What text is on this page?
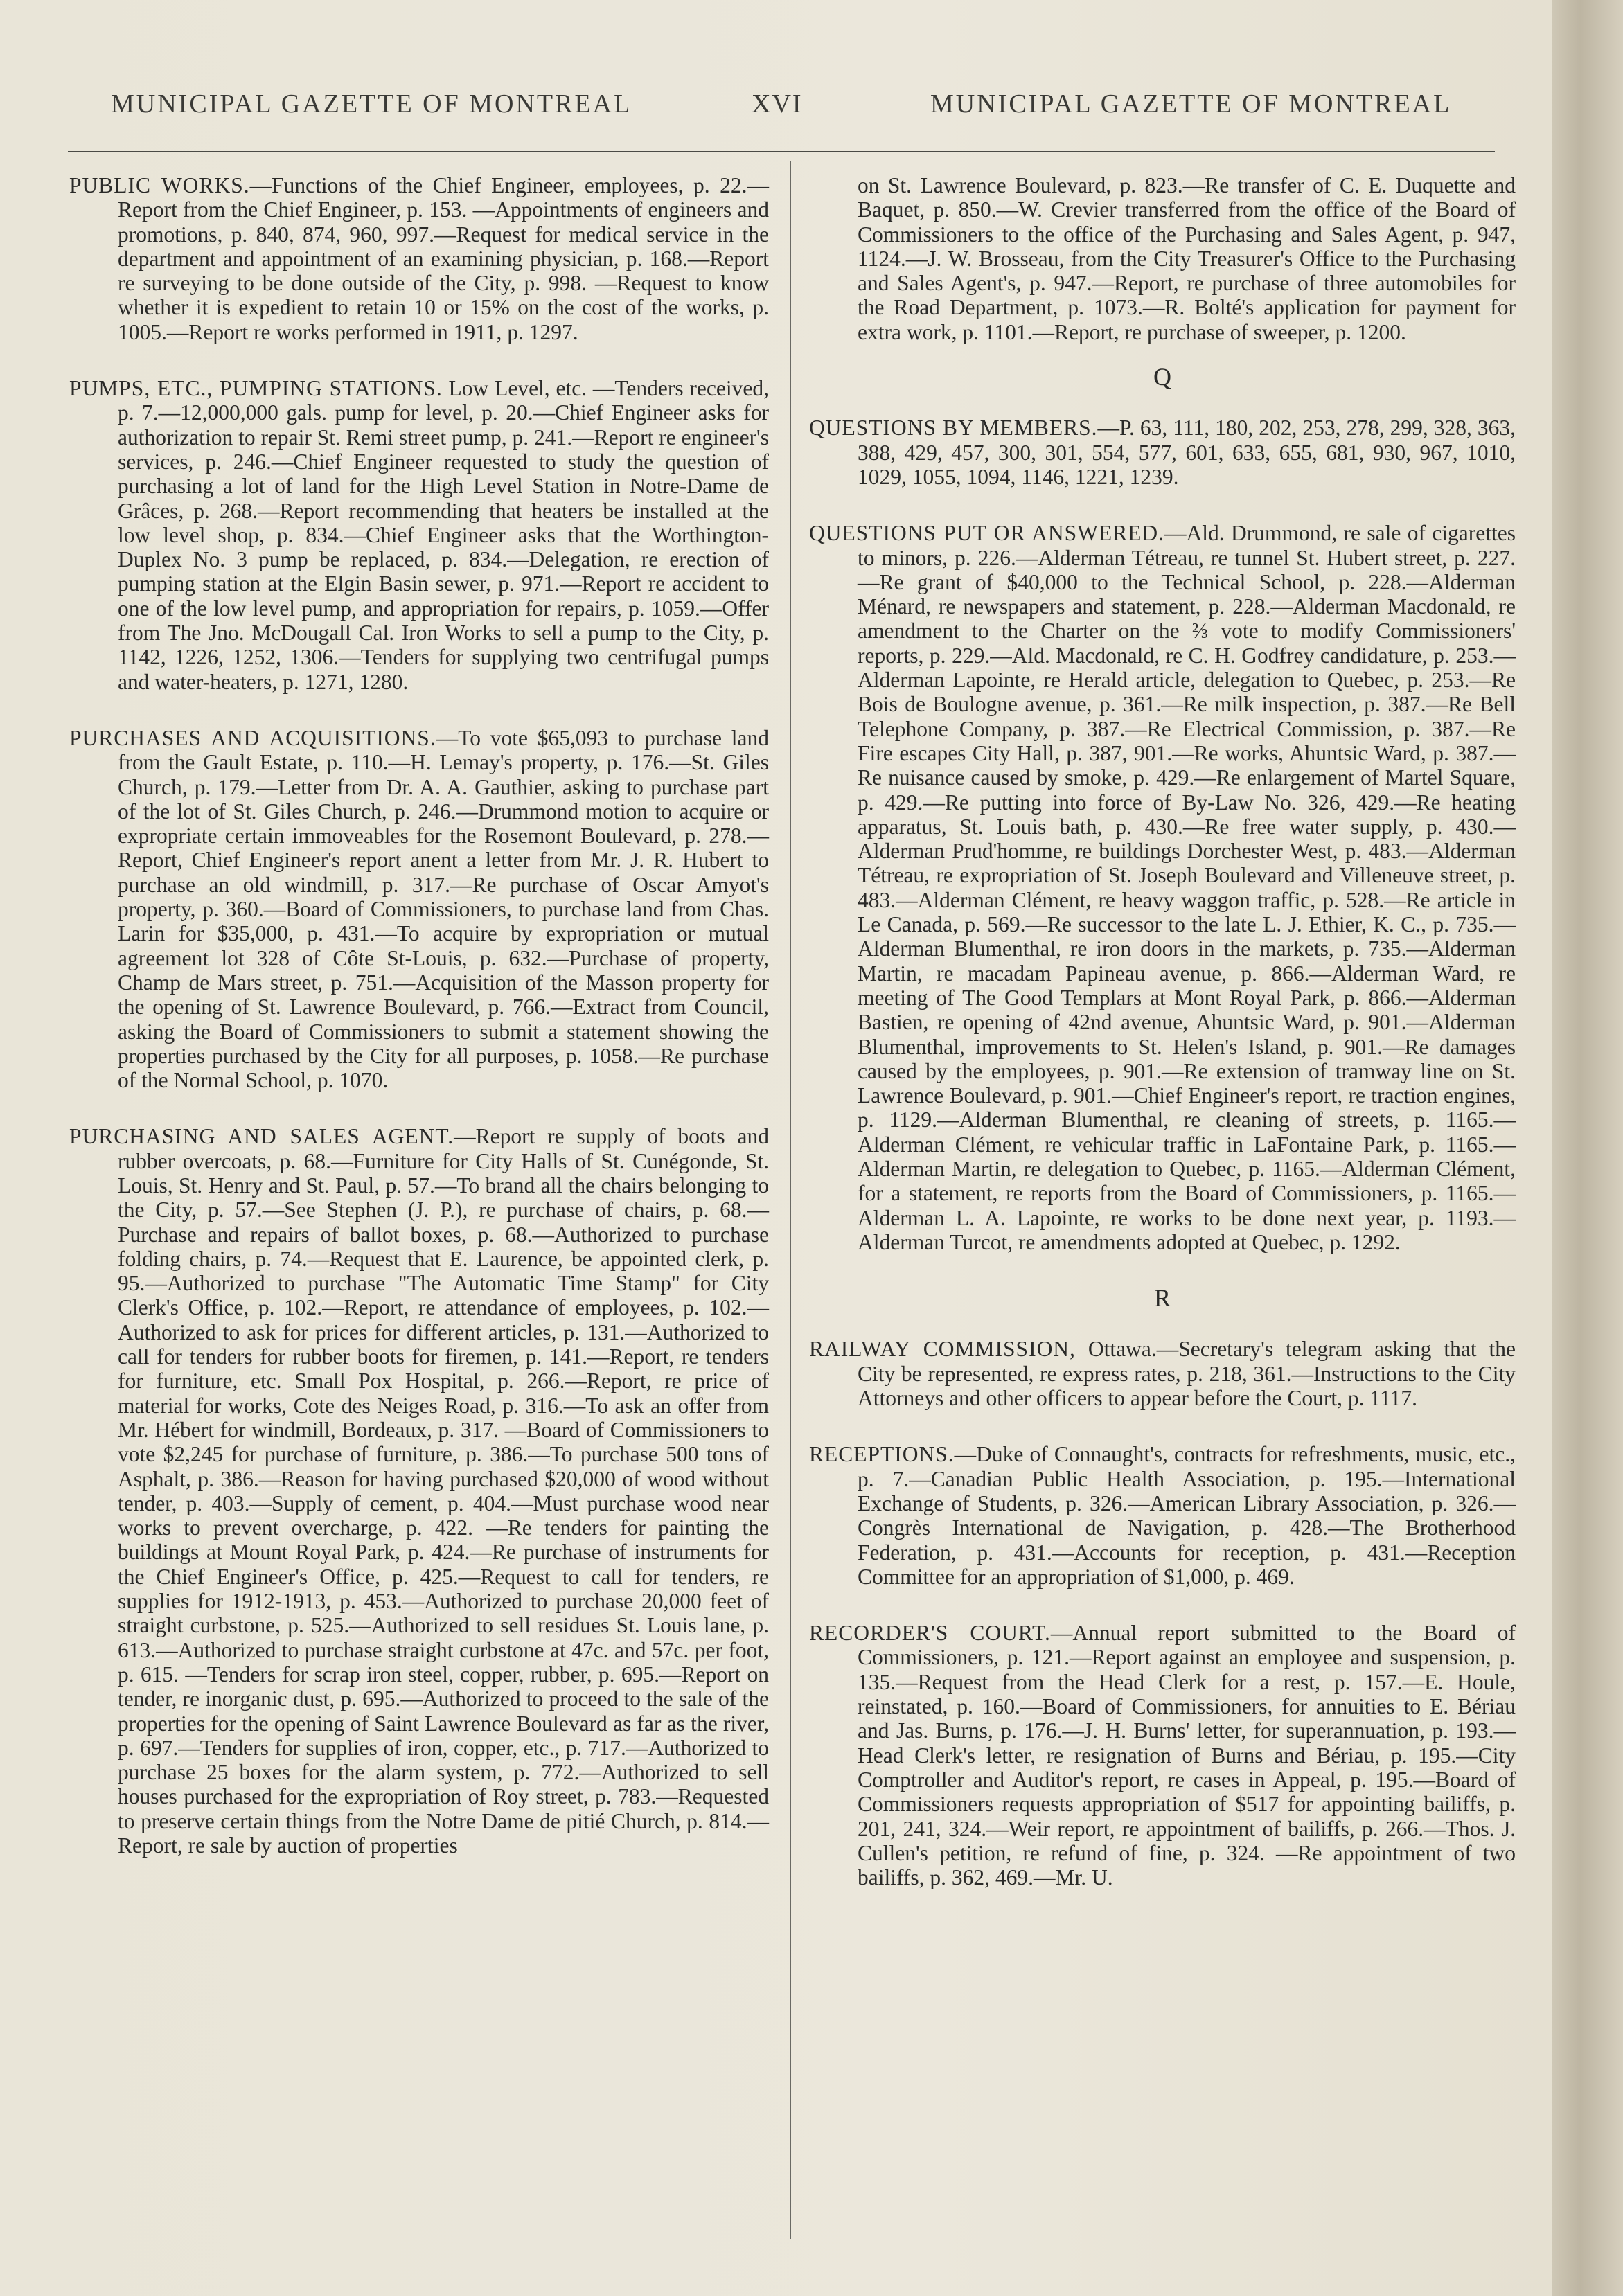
MUNICIPAL GAZETTE OF MONTREAL	XVI	MUNICIPAL GAZETTE OF MONTREAL

PUBLIC WORKS.—Functions of the Chief Engineer, employees, p. 22.—Report from the Chief Engineer, p. 153. —Appointments of engineers and promotions, p. 840, 874, 960, 997.—Request for medical service in the department and appointment of an examining physician, p. 168.—Report re surveying to be done outside of the City, p. 998. —Request to know whether it is expedient to retain 10 or 15% on the cost of the works, p. 1005.—Report re works performed in 1911, p. 1297.

PUMPS, ETC., PUMPING STATIONS. Low Level, etc. —Tenders received, p. 7.—12,000,000 gals. pump for level, p. 20.—Chief Engineer asks for authorization to repair St. Remi street pump, p. 241.—Report re engineer's services, p. 246.—Chief Engineer requested to study the question of purchasing a lot of land for the High Level Station in Notre-Dame de Grâces, p. 268.—Report recommending that heaters be installed at the low level shop, p. 834.—Chief Engineer asks that the Worthington-Duplex No. 3 pump be replaced, p. 834.—Delegation, re erection of pumping station at the Elgin Basin sewer, p. 971.—Report re accident to one of the low level pump, and appropriation for repairs, p. 1059.—Offer from The Jno. McDougall Cal. Iron Works to sell a pump to the City, p. 1142, 1226, 1252, 1306.—Tenders for supplying two centrifugal pumps and water-heaters, p. 1271, 1280.

PURCHASES AND ACQUISITIONS.—To vote $65,093 to purchase land from the Gault Estate, p. 110.—H. Lemay's property, p. 176.—St. Giles Church, p. 179.—Letter from Dr. A. A. Gauthier, asking to purchase part of the lot of St. Giles Church, p. 246.—Drummond motion to acquire or expropriate certain immoveables for the Rosemont Boulevard, p. 278.—Report, Chief Engineer's report anent a letter from Mr. J. R. Hubert to purchase an old windmill, p. 317.—Re purchase of Oscar Amyot's property, p. 360.—Board of Commissioners, to purchase land from Chas. Larin for $35,000, p. 431.—To acquire by expropriation or mutual agreement lot 328 of Côte St-Louis, p. 632.—Purchase of property, Champ de Mars street, p. 751.—Acquisition of the Masson property for the opening of St. Lawrence Boulevard, p. 766.—Extract from Council, asking the Board of Commissioners to submit a statement showing the properties purchased by the City for all purposes, p. 1058.—Re purchase of the Normal School, p. 1070.

PURCHASING AND SALES AGENT.—Report re supply of boots and rubber overcoats, p. 68.—Furniture for City Halls of St. Cunégonde, St. Louis, St. Henry and St. Paul, p. 57.—To brand all the chairs belonging to the City, p. 57.—See Stephen (J. P.), re purchase of chairs, p. 68.—Purchase and repairs of ballot boxes, p. 68.—Authorized to purchase folding chairs, p. 74.—Request that E. Laurence, be appointed clerk, p. 95.—Authorized to purchase "The Automatic Time Stamp" for City Clerk's Office, p. 102.—Report, re attendance of employees, p. 102.—Authorized to ask for prices for different articles, p. 131.—Authorized to call for tenders for rubber boots for firemen, p. 141.—Report, re tenders for furniture, etc. Small Pox Hospital, p. 266.—Report, re price of material for works, Cote des Neiges Road, p. 316.—To ask an offer from Mr. Hébert for windmill, Bordeaux, p. 317. —Board of Commissioners to vote $2,245 for purchase of furniture, p. 386.—To purchase 500 tons of Asphalt, p. 386.—Reason for having purchased $20,000 of wood without tender, p. 403.—Supply of cement, p. 404.—Must purchase wood near works to prevent overcharge, p. 422. —Re tenders for painting the buildings at Mount Royal Park, p. 424.—Re purchase of instruments for the Chief Engineer's Office, p. 425.—Request to call for tenders, re supplies for 1912-1913, p. 453.—Authorized to purchase 20,000 feet of straight curbstone, p. 525.—Authorized to sell residues St. Louis lane, p. 613.—Authorized to purchase straight curbstone at 47c. and 57c. per foot, p. 615. —Tenders for scrap iron steel, copper, rubber, p. 695.—Report on tender, re inorganic dust, p. 695.—Authorized to proceed to the sale of the properties for the opening of Saint Lawrence Boulevard as far as the river, p. 697.—Tenders for supplies of iron, copper, etc., p. 717.—Authorized to purchase 25 boxes for the alarm system, p. 772.—Authorized to sell houses purchased for the expropriation of Roy street, p. 783.—Requested to preserve certain things from the Notre Dame de pitié Church, p. 814.—Report, re sale by auction of properties

on St. Lawrence Boulevard, p. 823.—Re transfer of C. E. Duquette and Baquet, p. 850.—W. Crevier transferred from the office of the Board of Commissioners to the office of the Purchasing and Sales Agent, p. 947, 1124.—J. W. Brosseau, from the City Treasurer's Office to the Purchasing and Sales Agent's, p. 947.—Report, re purchase of three automobiles for the Road Department, p. 1073.—R. Bolté's application for payment for extra work, p. 1101.—Report, re purchase of sweeper, p. 1200.

Q

QUESTIONS BY MEMBERS.—P. 63, 111, 180, 202, 253, 278, 299, 328, 363, 388, 429, 457, 300, 301, 554, 577, 601, 633, 655, 681, 930, 967, 1010, 1029, 1055, 1094, 1146, 1221, 1239.

QUESTIONS PUT OR ANSWERED.—Ald. Drummond, re sale of cigarettes to minors, p. 226.—Alderman Tétreau, re tunnel St. Hubert street, p. 227.—Re grant of $40,000 to the Technical School, p. 228.—Alderman Ménard, re newspapers and statement, p. 228.—Alderman Macdonald, re amendment to the Charter on the ⅔ vote to modify Commissioners' reports, p. 229.—Ald. Macdonald, re C. H. Godfrey candidature, p. 253.—Alderman Lapointe, re Herald article, delegation to Quebec, p. 253.—Re Bois de Boulogne avenue, p. 361.—Re milk inspection, p. 387.—Re Bell Telephone Company, p. 387.—Re Electrical Commission, p. 387.—Re Fire escapes City Hall, p. 387, 901.—Re works, Ahuntsic Ward, p. 387.—Re nuisance caused by smoke, p. 429.—Re enlargement of Martel Square, p. 429.—Re putting into force of By-Law No. 326, 429.—Re heating apparatus, St. Louis bath, p. 430.—Re free water supply, p. 430.—Alderman Prud'homme, re buildings Dorchester West, p. 483.—Alderman Tétreau, re expropriation of St. Joseph Boulevard and Villeneuve street, p. 483.—Alderman Clément, re heavy waggon traffic, p. 528.—Re article in Le Canada, p. 569.—Re successor to the late L. J. Ethier, K. C., p. 735.—Alderman Blumenthal, re iron doors in the markets, p. 735.—Alderman Martin, re macadam Papineau avenue, p. 866.—Alderman Ward, re meeting of The Good Templars at Mont Royal Park, p. 866.—Alderman Bastien, re opening of 42nd avenue, Ahuntsic Ward, p. 901.—Alderman Blumenthal, improvements to St. Helen's Island, p. 901.—Re damages caused by the employees, p. 901.—Re extension of tramway line on St. Lawrence Boulevard, p. 901.—Chief Engineer's report, re traction engines, p. 1129.—Alderman Blumenthal, re cleaning of streets, p. 1165.—Alderman Clément, re vehicular traffic in LaFontaine Park, p. 1165.—Alderman Martin, re delegation to Quebec, p. 1165.—Alderman Clément, for a statement, re reports from the Board of Commissioners, p. 1165.—Alderman L. A. Lapointe, re works to be done next year, p. 1193.—Alderman Turcot, re amendments adopted at Quebec, p. 1292.

R

RAILWAY COMMISSION, Ottawa.—Secretary's telegram asking that the City be represented, re express rates, p. 218, 361.—Instructions to the City Attorneys and other officers to appear before the Court, p. 1117.

RECEPTIONS.—Duke of Connaught's, contracts for refreshments, music, etc., p. 7.—Canadian Public Health Association, p. 195.—International Exchange of Students, p. 326.—American Library Association, p. 326.—Congrès International de Navigation, p. 428.—The Brotherhood Federation, p. 431.—Accounts for reception, p. 431.—Reception Committee for an appropriation of $1,000, p. 469.

RECORDER'S COURT.—Annual report submitted to the Board of Commissioners, p. 121.—Report against an employee and suspension, p. 135.—Request from the Head Clerk for a rest, p. 157.—E. Houle, reinstated, p. 160.—Board of Commissioners, for annuities to E. Bériau and Jas. Burns, p. 176.—J. H. Burns' letter, for superannuation, p. 193.—Head Clerk's letter, re resignation of Burns and Bériau, p. 195.—City Comptroller and Auditor's report, re cases in Appeal, p. 195.—Board of Commissioners requests appropriation of $517 for appointing bailiffs, p. 201, 241, 324.—Weir report, re appointment of bailiffs, p. 266.—Thos. J. Cullen's petition, re refund of fine, p. 324. —Re appointment of two bailiffs, p. 362, 469.—Mr. U.
